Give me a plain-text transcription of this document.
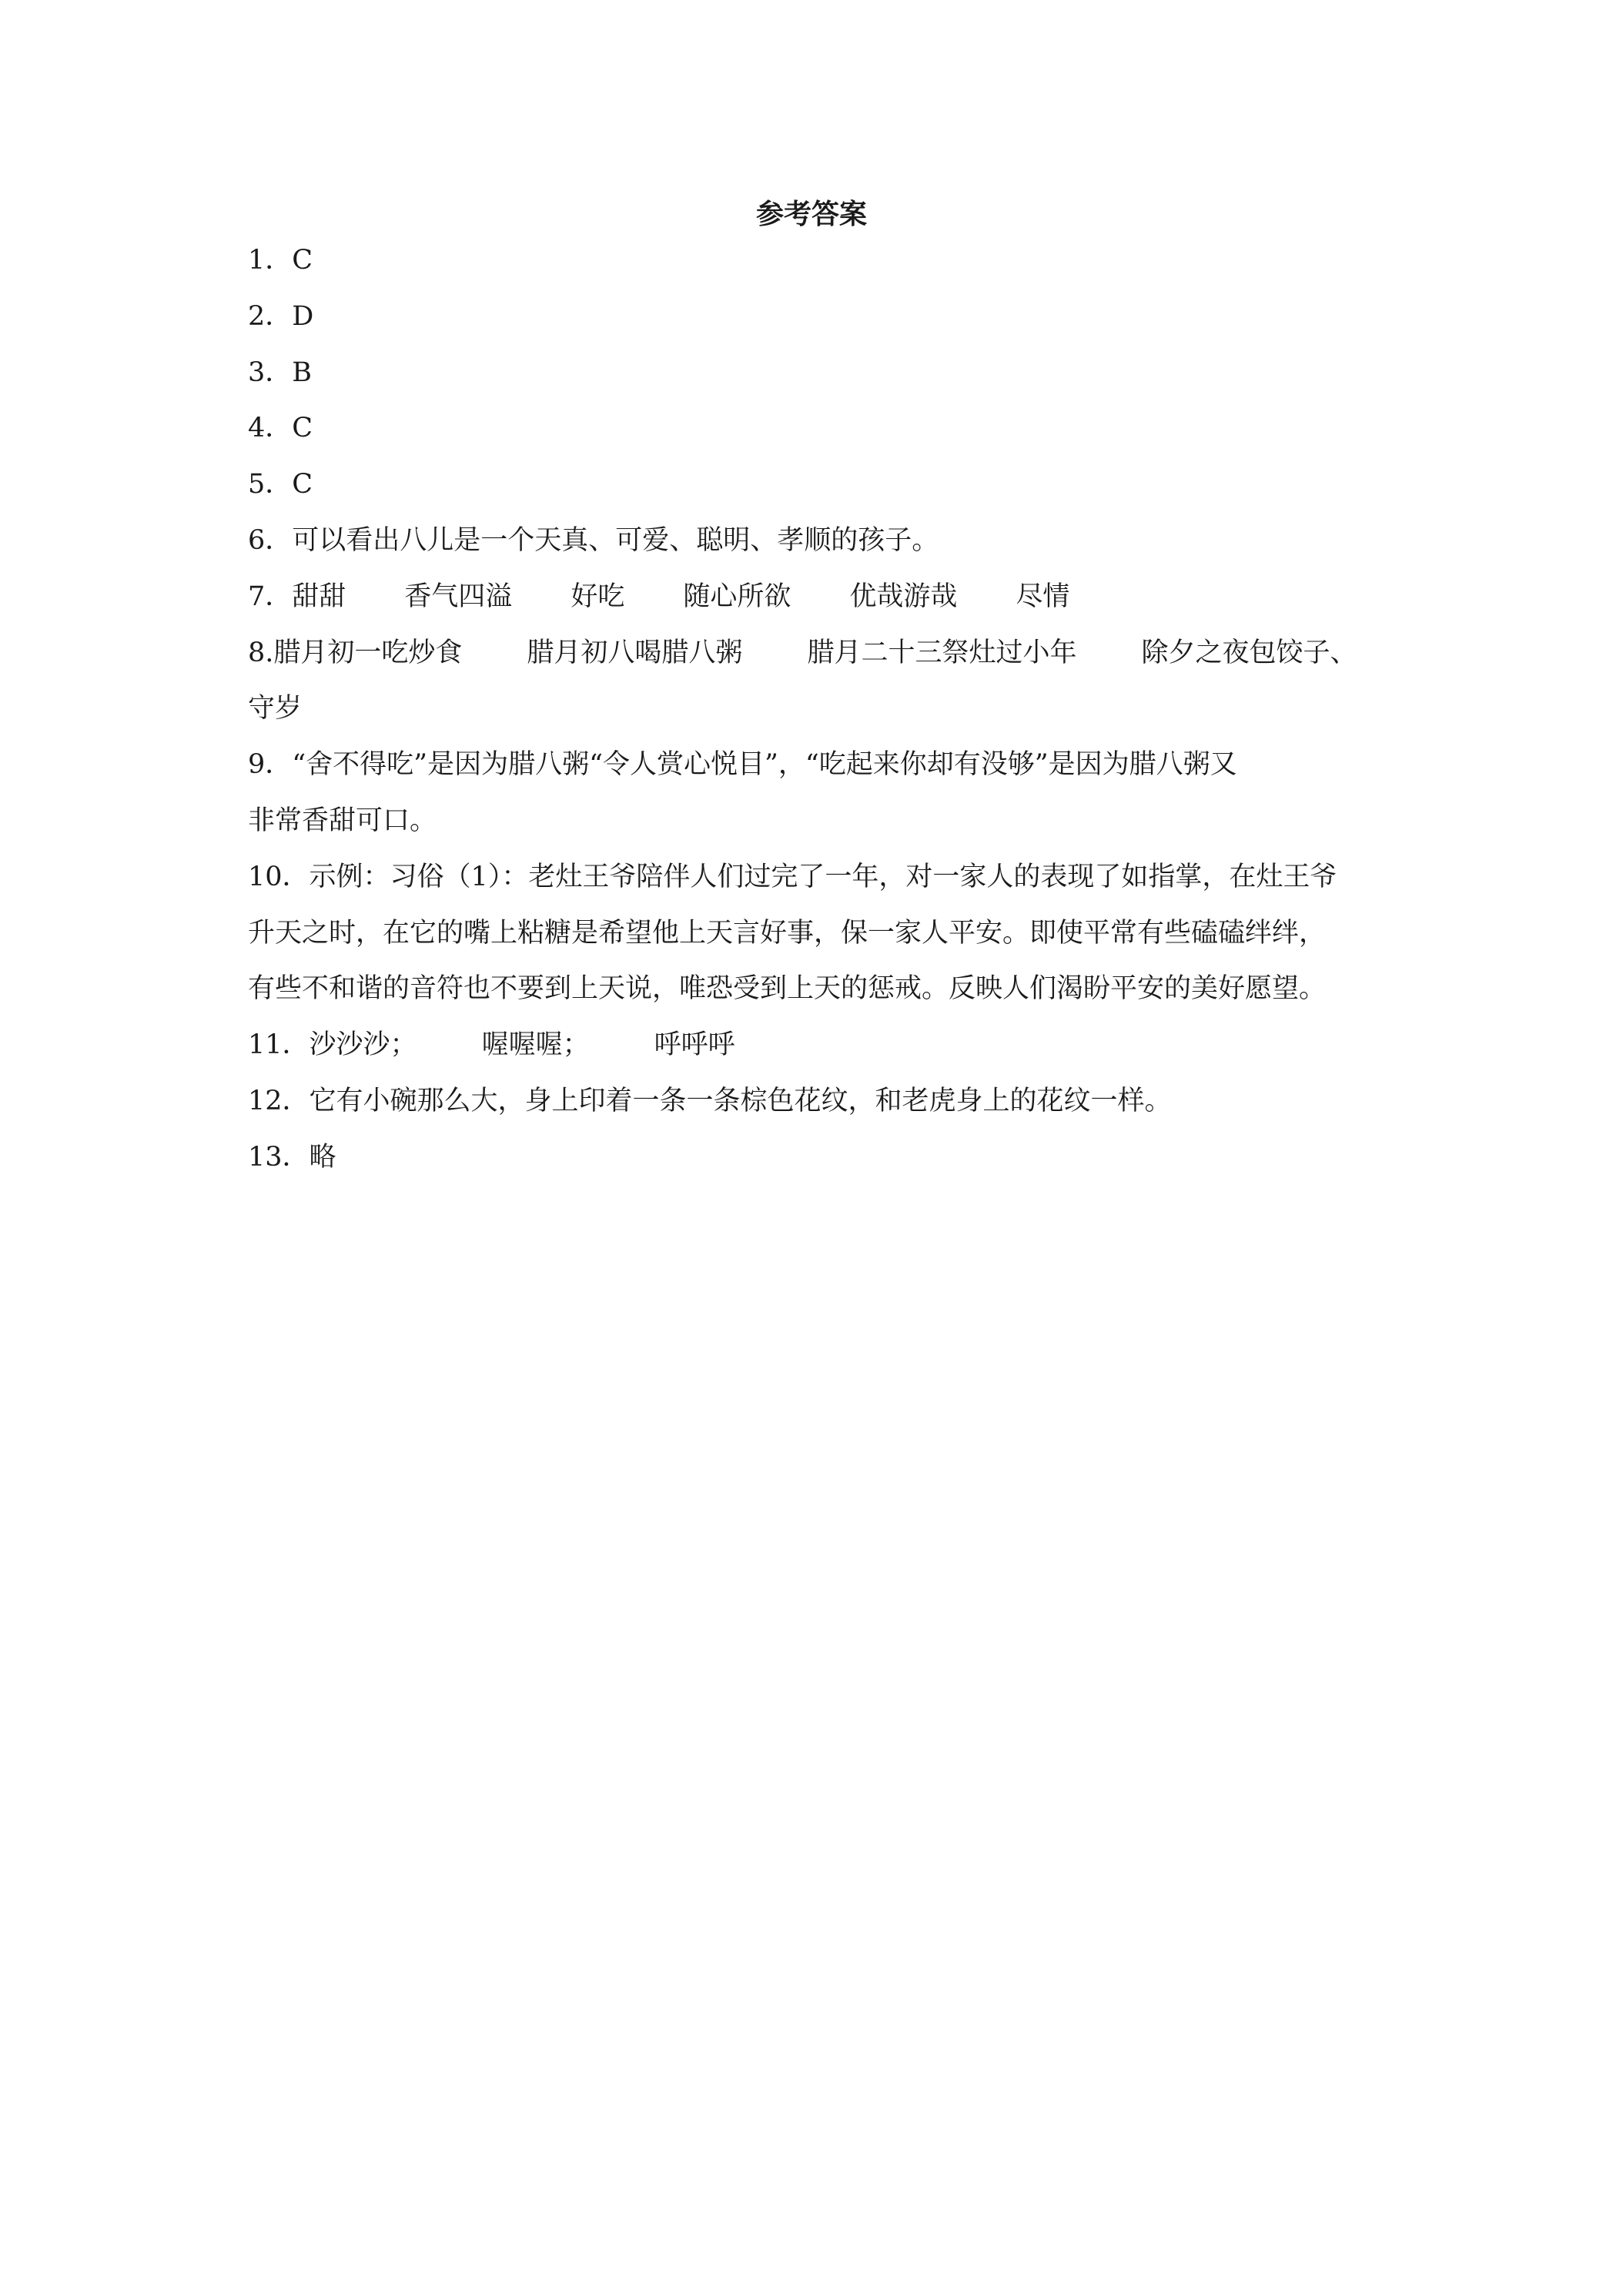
参考答案
1．C
2．D
3．B
4．C
5．C
6．可以看出八儿是一个天真、可爱、聪明、孝顺的孩子。
7．甜甜 香气四溢 好吃 随心所欲 优哉游哉 尽情
8.腊月初一吃炒食 腊月初八喝腊八粥 腊月二十三祭灶过小年 除夕之夜包饺子、
守岁
9．“舍不得吃”是因为腊八粥“令人赏心悦目”，“吃起来你却有没够”是因为腊八粥又
非常香甜可口。
10．示例：习俗（1）：老灶王爷陪伴人们过完了一年，对一家人的表现了如指掌，在灶王爷
升天之时，在它的嘴上粘糖是希望他上天言好事，保一家人平安。即使平常有些磕磕绊绊，
有些不和谐的音符也不要到上天说，唯恐受到上天的惩戒。反映人们渴盼平安的美好愿望。
11．沙沙沙； 喔喔喔； 呼呼呼
12．它有小碗那么大，身上印着一条一条棕色花纹，和老虎身上的花纹一样。
13．略
